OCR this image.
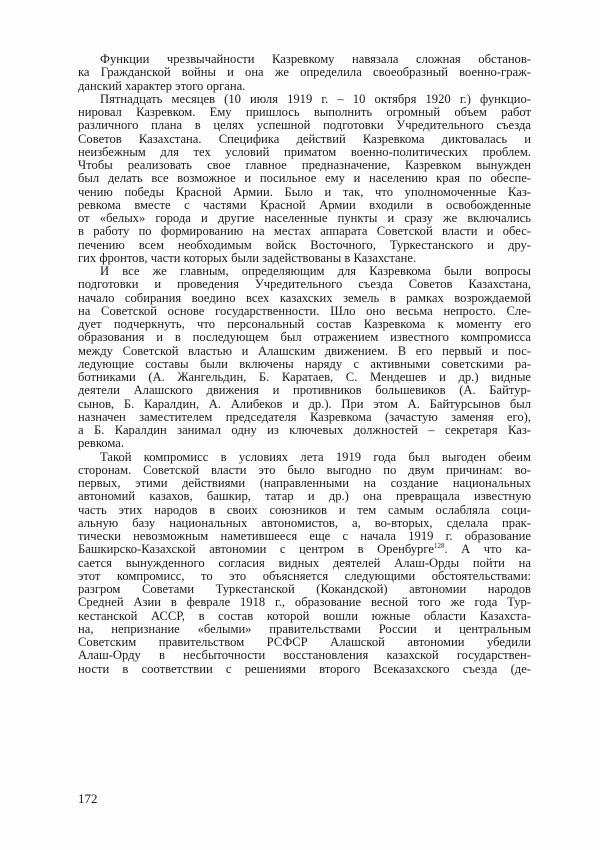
Функции чрезвычайности Казревкому навязала сложная обстанов-
ка Гражданской войны и она же определила своеобразный военно-граж-
данский характер этого органа.
Пятнадцать месяцев (10 июля 1919 г. – 10 октября 1920 г.) функцио-
нировал Казревком. Ему пришлось выполнить огромный объем работ
различного плана в целях успешной подготовки Учредительного съезда
Советов Казахстана. Специфика действий Казревкома диктовалась и
неизбежным для тех условий приматом военно-политических проблем.
Чтобы реализовать свое главное предназначение, Казревком вынужден
был делать все возможное и посильное ему и населению края по обеспе-
чению победы Красной Армии. Было и так, что уполномоченные Каз-
ревкома вместе с частями Красной Армии входили в освобожденные
от «белых» города и другие населенные пункты и сразу же включались
в работу по формированию на местах аппарата Советской власти и обес-
печению всем необходимым войск Восточного, Туркестанского и дру-
гих фронтов, части которых были задействованы в Казахстане.
И все же главным, определяющим для Казревкома были вопросы
подготовки и проведения Учредительного съезда Советов Казахстана,
начало собирания воедино всех казахских земель в рамках возрождаемой
на Советской основе государственности. Шло оно весьма непросто. Сле-
дует подчеркнуть, что персональный состав Казревкома к моменту его
образования и в последующем был отражением известного компромисса
между Советской властью и Алашским движением. В его первый и пос-
ледующие составы были включены наряду с активными советскими ра-
ботниками (А. Жангельдин, Б. Каратаев, С. Мендешев и др.) видные
деятели Алашского движения и противников большевиков (А. Байтур-
сынов, Б. Каралдин, А. Алибеков и др.). При этом А. Байтурсынов был
назначен заместителем председателя Казревкома (зачастую заменяя его),
а Б. Каралдин занимал одну из ключевых должностей – секретаря Каз-
ревкома.
Такой компромисс в условиях лета 1919 года был выгоден обеим
сторонам. Советской власти это было выгодно по двум причинам: во-
первых, этими действиями (направленными на создание национальных
автономий казахов, башкир, татар и др.) она превращала известную
часть этих народов в своих союзников и тем самым ослабляла соци-
альную базу национальных автономистов, а, во-вторых, сделала прак-
тически невозможным наметившееся еще с начала 1919 г. образование
Башкирско-Казахской автономии с центром в Оренбурге$^{128}$. А что ка-
сается вынужденного согласия видных деятелей Алаш-Орды пойти на
этот компромисс, то это объясняется следующими обстоятельствами:
разгром Советами Туркестанской (Кокандской) автономии народов
Средней Азии в феврале 1918 г., образование весной того же года Тур-
кестанской АССР, в состав которой вошли южные области Казахста-
на, непризнание «белыми» правительствами России и центральным
Советским правительством РСФСР Алашской автономии убедили
Алаш-Орду в несбыточности восстановления казахской государствен-
ности в соответствии с решениями второго Всеказахского съезда (де-
172
